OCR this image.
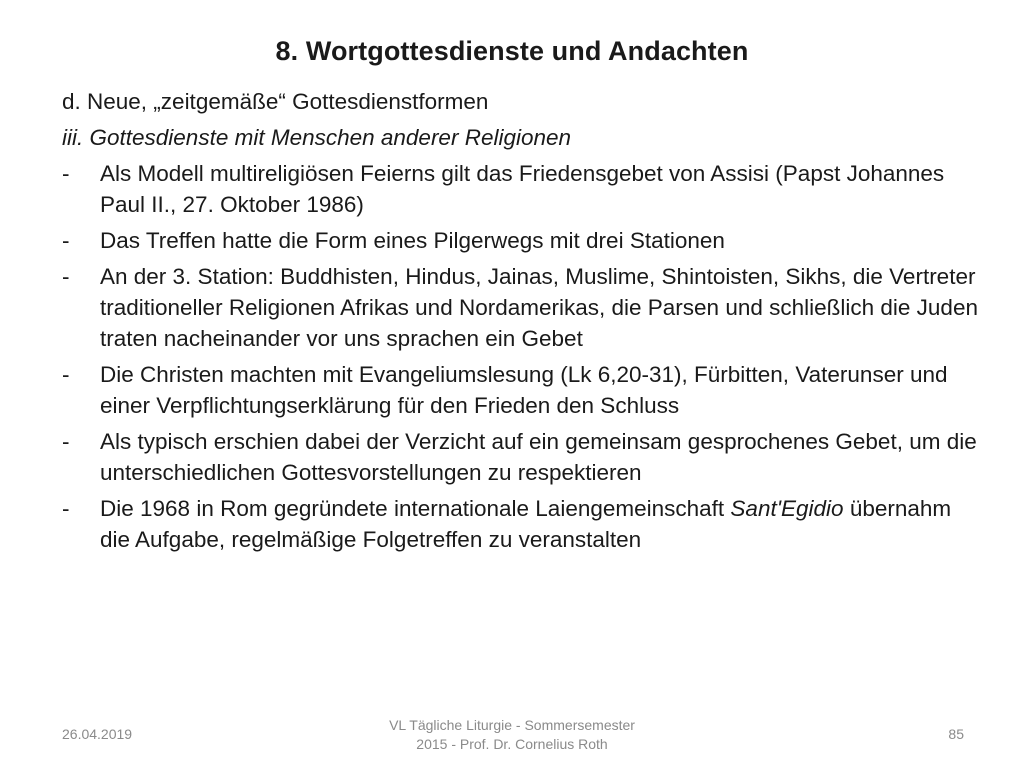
8. Wortgottesdienste und Andachten
d. Neue, „zeitgemäße“ Gottesdienstformen
iii. Gottesdienste mit Menschen anderer Religionen
- Als Modell multireligiösen Feierns gilt das Friedensgebet von Assisi (Papst Johannes Paul II., 27. Oktober 1986)
- Das Treffen hatte die Form eines Pilgerwegs mit drei Stationen
- An der 3. Station: Buddhisten, Hindus, Jainas, Muslime, Shintoisten, Sikhs, die Vertreter traditioneller Religionen Afrikas und Nordamerikas, die Parsen und schließlich die Juden traten nacheinander vor uns sprachen ein Gebet
- Die Christen machten mit Evangeliumslesung (Lk 6,20-31), Fürbitten, Vaterunser und einer Verpflichtungserklärung für den Frieden den Schluss
- Als typisch erschien dabei der Verzicht auf ein gemeinsam gesprochenes Gebet, um die unterschiedlichen Gottesvorstellungen zu respektieren
- Die 1968 in Rom gegründete internationale Laiengemeinschaft Sant'Egidio übernahm die Aufgabe, regelmäßige Folgetreffen zu veranstalten
26.04.2019
VL Tägliche Liturgie - Sommersemester
2015 - Prof. Dr. Cornelius Roth
85
